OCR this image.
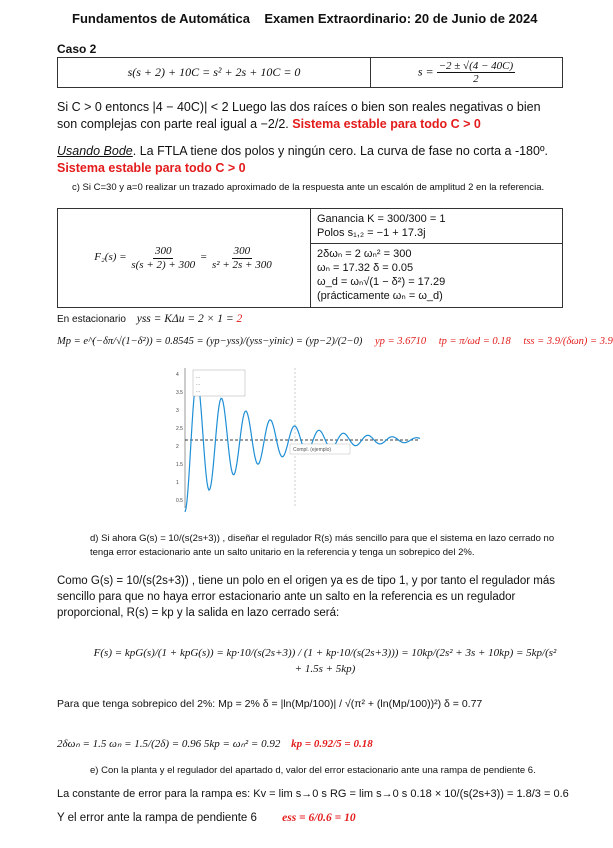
Fundamentos de Automática    Examen Extraordinario: 20 de Junio de 2024
Caso 2
s(s + 2) + 10C = s² + 2s + 10C = 0	$s = \frac{-2 \pm √(4 - 40C)}{2}$
Si C > 0 entoncs |4 − 40C)| < 2 Luego las dos raíces o bien son reales negativas o bien son complejas con parte real igual a −2/2. Sistema estable para todo C > 0
Usando Bode. La FTLA tiene dos polos y ningún cero. La curva de fase no corta a -180º. Sistema estable para todo C > 0
c) Si C=30 y a=0 realizar un trazado aproximado de la respuesta ante un escalón de amplitud 2 en la referencia.
$F_2(s) = \frac{300}{s(s + 2) + 300} = \frac{300}{\text{s² + 2s + 300}}$

Ganancia K = 300/300 = 1
Polos s₁,₂ = −1 + 17.3j

2δωₙ = 2 ωₙ² = 300
ωₙ = 17.32 δ = 0.05
ω_d = ωₙ√(1 − δ²) = 17.29
(prácticamente ωₙ = ω_d)
En estacionario yss = KΔu = 2 × 1 = 2
Mp = e^(−δπ/√(1−δ²)) = 0.8545 = (yp−yss)/(yss−yinic) = (yp−2)/(2−0) yp = 3.6710 tp = π/ωd = 0.18 tss = 3.9/(δωn) = 3.9
4
3.5
3
2.5
2
1.5
1
0.5
...
...
...
Compl. (ejemplo)
d) Si ahora G(s) = 10/(s(2s+3)) , diseñar el regulador R(s) más sencillo para que el sistema en lazo cerrado no tenga error estacionario ante un salto unitario en la referencia y tenga un sobrepico del 2%.
Como G(s) = 10/(s(2s+3)) , tiene un polo en el origen ya es de tipo 1, y por tanto el regulador más sencillo para que no haya error estacionario ante un salto en la referencia es un regulador proporcional, R(s) = kp y la salida en lazo cerrado será:
F(s) = kpG(s)/(1 + kpG(s)) = kp·10/(s(2s+3)) / (1 + kp·10/(s(2s+3))) = 10kp/(2s² + 3s + 10kp) = 5kp/(s² + 1.5s + 5kp)
Para que tenga sobrepico del 2%: Mp = 2% δ = |ln(Mp/100)| / √(π² + (ln(Mp/100))²) δ = 0.77
2δωₙ = 1.5 ωₙ = 1.5/(2δ) = 0.96 5kp = ωₙ² = 0.92 kp = 0.92/5 = 0.18
e) Con la planta y el regulador del apartado d, valor del error estacionario ante una rampa de pendiente 6.
La constante de error para la rampa es: Kv = lim s→0 s RG = lim s→0 s 0.18 × 10/(s(2s+3)) = 1.8/3 = 0.6
Y el error ante la rampa de pendiente 6 ess = 6/0.6 = 10
